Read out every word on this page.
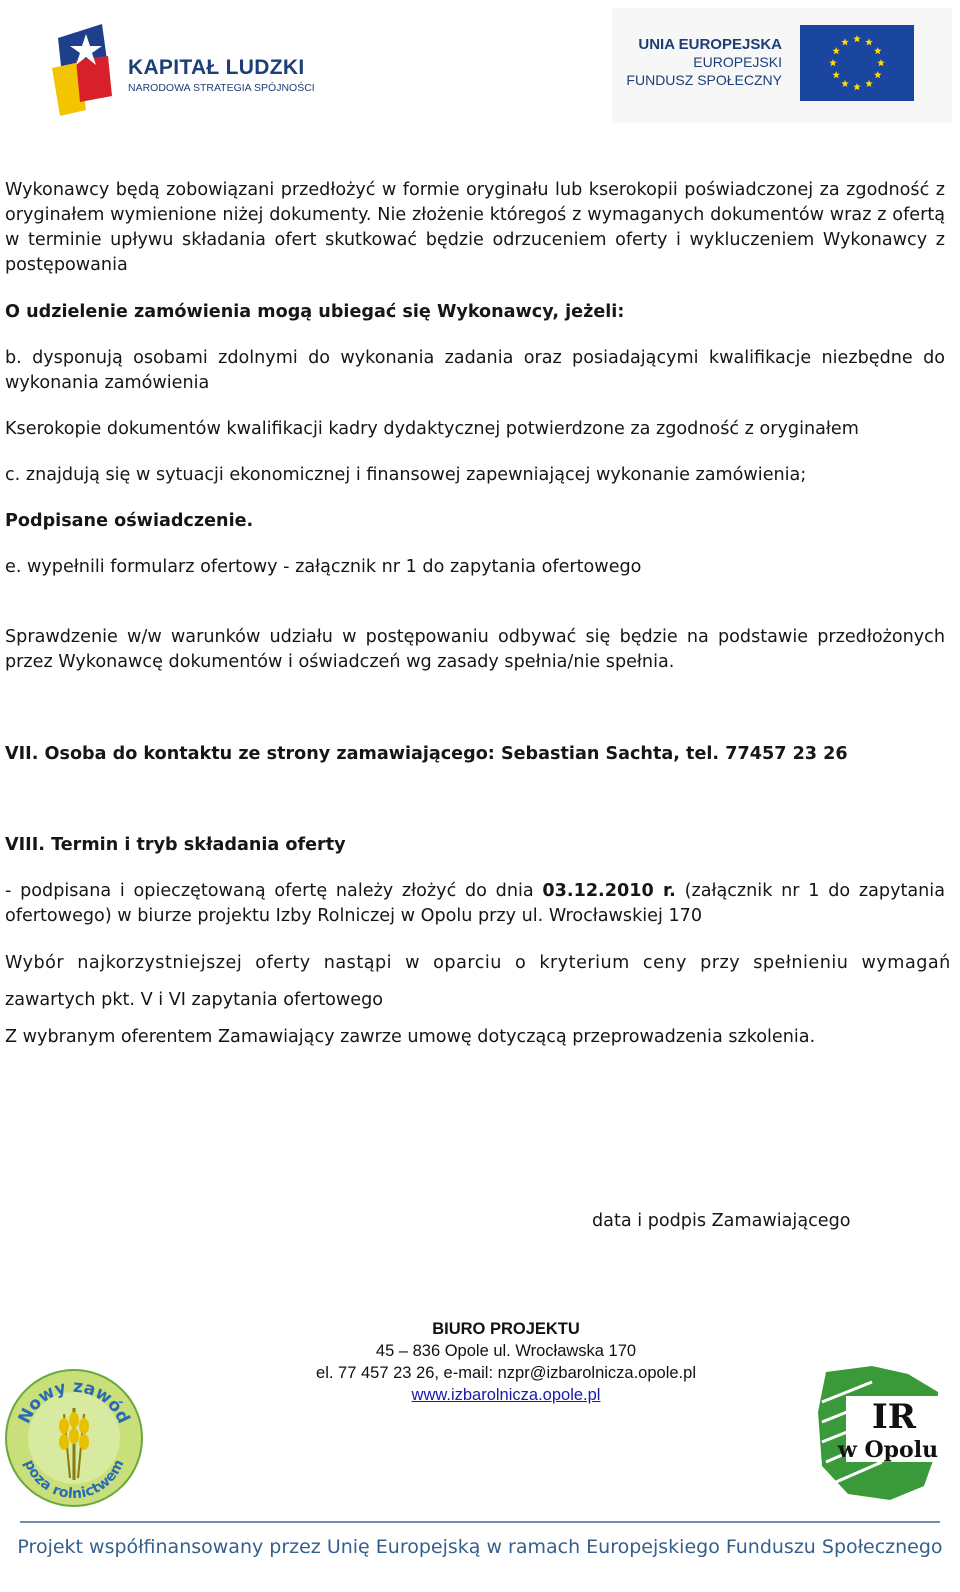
KAPITAŁ LUDZKI
NARODOWA STRATEGIA SPÓJNOŚCI
UNIA EUROPEJSKA
EUROPEJSKI
FUNDUSZ SPOŁECZNY

Wykonawcy będą zobowiązani przedłożyć w formie oryginału lub kserokopii poświadczonej za zgodność z oryginałem wymienione niżej dokumenty. Nie złożenie któregoś z wymaganych dokumentów wraz z ofertą w terminie upływu składania ofert skutkować będzie odrzuceniem oferty i wykluczeniem Wykonawcy z postępowania

O udzielenie zamówienia mogą ubiegać się Wykonawcy, jeżeli:

b. dysponują osobami zdolnymi do wykonania zadania oraz posiadającymi kwalifikacje niezbędne do wykonania zamówienia

Kserokopie dokumentów kwalifikacji kadry dydaktycznej potwierdzone za zgodność z oryginałem

c. znajdują się w sytuacji ekonomicznej i finansowej zapewniającej wykonanie zamówienia;

Podpisane oświadczenie.

e. wypełnili formularz ofertowy - załącznik nr 1 do zapytania ofertowego

Sprawdzenie w/w warunków udziału w postępowaniu odbywać się będzie na podstawie przedłożonych przez Wykonawcę dokumentów i oświadczeń wg zasady spełnia/nie spełnia.

VII. Osoba do kontaktu ze strony zamawiającego: Sebastian Sachta, tel. 77457 23 26

VIII. Termin i tryb składania oferty

- podpisana i opieczętowaną ofertę należy złożyć do dnia 03.12.2010 r. (załącznik nr 1 do zapytania ofertowego) w biurze projektu Izby Rolniczej w Opolu przy ul. Wrocławskiej 170

Wybór najkorzystniejszej oferty nastąpi w oparciu o kryterium ceny przy spełnieniu wymagań

zawartych pkt. V i VI zapytania ofertowego

Z wybranym oferentem Zamawiający zawrze umowę dotyczącą przeprowadzenia szkolenia.

data i podpis Zamawiającego

BIURO PROJEKTU
45 – 836 Opole ul. Wrocławska 170
el. 77 457 23 26, e-mail: nzpr@izbarolnicza.opole.pl
www.izbarolnicza.opole.pl
Nowy zawód
poza rolnictwem
IR
w Opolu
Projekt współfinansowany przez Unię Europejską w ramach Europejskiego Funduszu Społecznego
